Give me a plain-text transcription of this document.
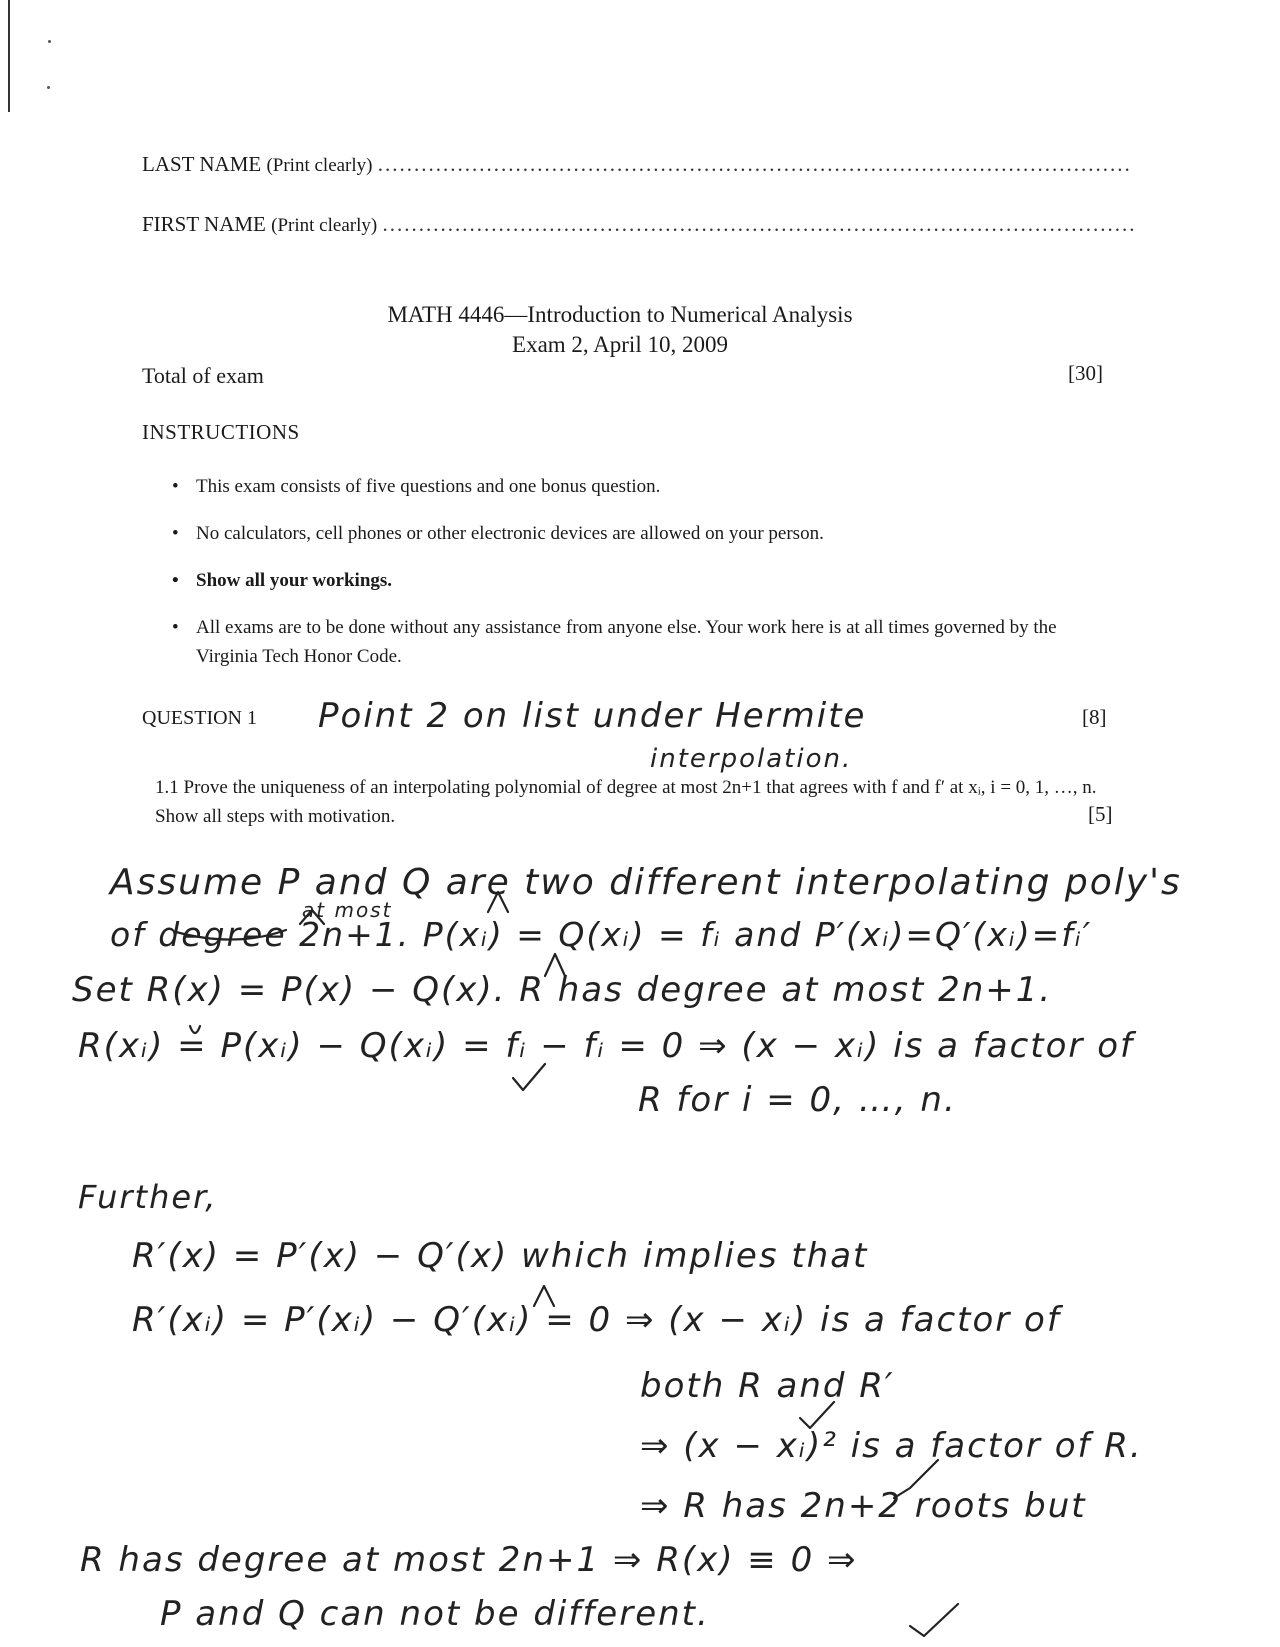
LAST NAME (Print clearly) ........................................................................................................
FIRST NAME (Print clearly) ........................................................................................................
MATH 4446—Introduction to Numerical Analysis
Exam 2, April 10, 2009
Total of exam	[30]
INSTRUCTIONS
• This exam consists of five questions and one bonus question.
• No calculators, cell phones or other electronic devices are allowed on your person.
• Show all your workings.
• All exams are to be done without any assistance from anyone else. Your work here is at all times governed by the Virginia Tech Honor Code.
QUESTION 1	[8]
1.1 Prove the uniqueness of an interpolating polynomial of degree at most 2n+1 that agrees with f and f′ at xᵢ, i = 0, 1, …, n. Show all steps with motivation.	[5]
Point 2 on list under Hermite
interpolation.
Assume P and Q are two different interpolating poly's
at most
of degree 2n+1. P(xᵢ) = Q(xᵢ) = fᵢ and P′(xᵢ)=Q′(xᵢ)=fᵢ′
Set R(x) = P(x) − Q(x). R has degree at most 2n+1.
R(xᵢ) = P(xᵢ) − Q(xᵢ) = fᵢ − fᵢ = 0 ⇒ (x − xᵢ) is a factor of
R for i = 0, …, n.
Further,
R′(x) = P′(x) − Q′(x) which implies that
R′(xᵢ) = P′(xᵢ) − Q′(xᵢ) = 0 ⇒ (x − xᵢ) is a factor of
both R and R′
⇒ (x − xᵢ)² is a factor of R.
⇒ R has 2n+2 roots but
R has degree at most 2n+1 ⇒ R(x) ≡ 0 ⇒
P and Q can not be different.
